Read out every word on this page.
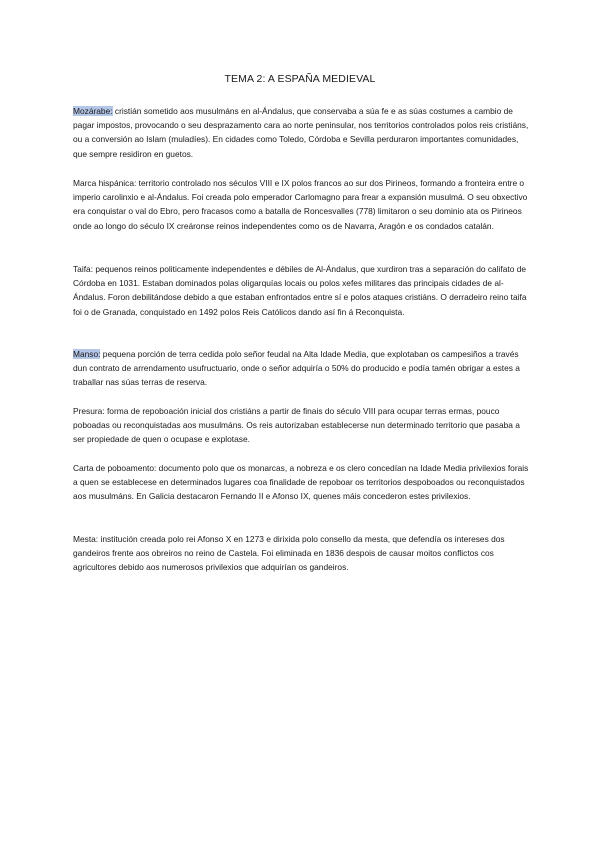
TEMA 2: A ESPAÑA MEDIEVAL

Mozárabe: cristián sometido aos musulmáns en al-Ándalus, que conservaba a súa fe e as súas costumes a cambio de pagar impostos, provocando o seu desprazamento cara ao norte peninsular, nos territorios controlados polos reis cristiáns, ou a conversión ao Islam (muladíes). En cidades como Toledo, Córdoba e Sevilla perduraron importantes comunidades, que sempre residiron en guetos.

Marca hispánica: territorio controlado nos séculos VIII e IX polos francos ao sur dos Pirineos, formando a fronteira entre o imperio carolinxio e al-Ándalus. Foi creada polo emperador Carlomagno para frear a expansión musulmá. O seu obxectivo era conquistar o val do Ebro, pero fracasos como a batalla de Roncesvalles (778) limitaron o seu dominio ata os Pirineos onde ao longo do século IX creáronse reinos independentes como os de Navarra, Aragón e os condados catalán.

Taifa: pequenos reinos politicamente independentes e débiles de Al-Ándalus, que xurdiron tras a separación do califato de Córdoba en 1031. Estaban dominados polas oligarquías locais ou polos xefes militares das principais cidades de al-Ándalus. Foron debilitándose debido a que estaban enfrontados entre sí e polos ataques cristiáns. O derradeiro reino taifa foi o de Granada, conquistado en 1492 polos Reis Católicos dando así fin á Reconquista.

Manso: pequena porción de terra cedida polo señor feudal na Alta Idade Media, que explotaban os campesiños a través dun contrato de arrendamento usufructuario, onde o señor adquiría o 50% do producido e podía tamén obrigar a estes a traballar nas súas terras de reserva.

Presura: forma de repoboación inicial dos cristiáns a partir de finais do século VIII para ocupar terras ermas, pouco poboadas ou reconquistadas aos musulmáns. Os reis autorizaban establecerse nun determinado territorio que pasaba a ser propiedade de quen o ocupase e explotase.

Carta de poboamento: documento polo que os monarcas, a nobreza e os clero concedían na Idade Media privilexios forais a quen se establecese en determinados lugares coa finalidade de repoboar os territorios despoboados ou reconquistados aos musulmáns. En Galicia destacaron Fernando II e Afonso IX, quenes máis concederon estes privilexios.

Mesta: institución creada polo rei Afonso X en 1273 e dirixida polo consello da mesta, que defendía os intereses dos gandeiros frente aos obreiros no reino de Castela. Foi eliminada en 1836 despois de causar moitos conflictos cos agricultores debido aos numerosos privilexios que adquirían os gandeiros.
